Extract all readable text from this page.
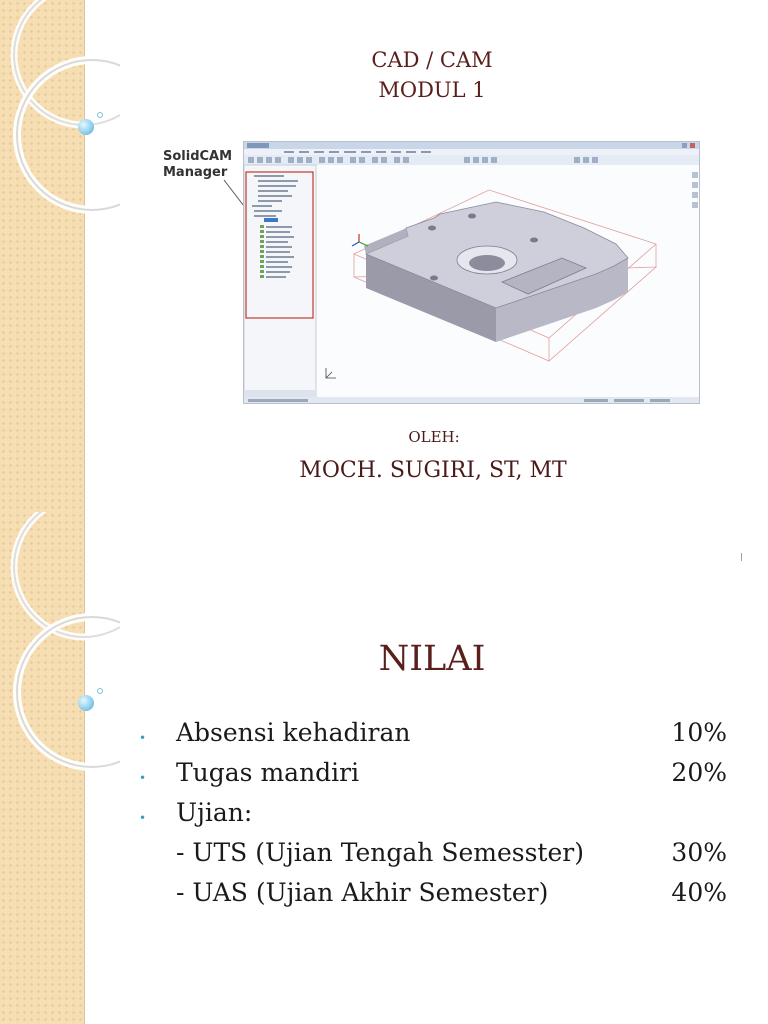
CAD / CAM
MODUL 1
SolidCAM
Manager
OLEH:
MOCH. SUGIRI, ST, MT
NILAI
• Absensi kehadiran	10%
• Tugas mandiri	20%
• Ujian:
- UTS (Ujian Tengah Semesster)	30%
- UAS (Ujian Akhir Semester)	40%
